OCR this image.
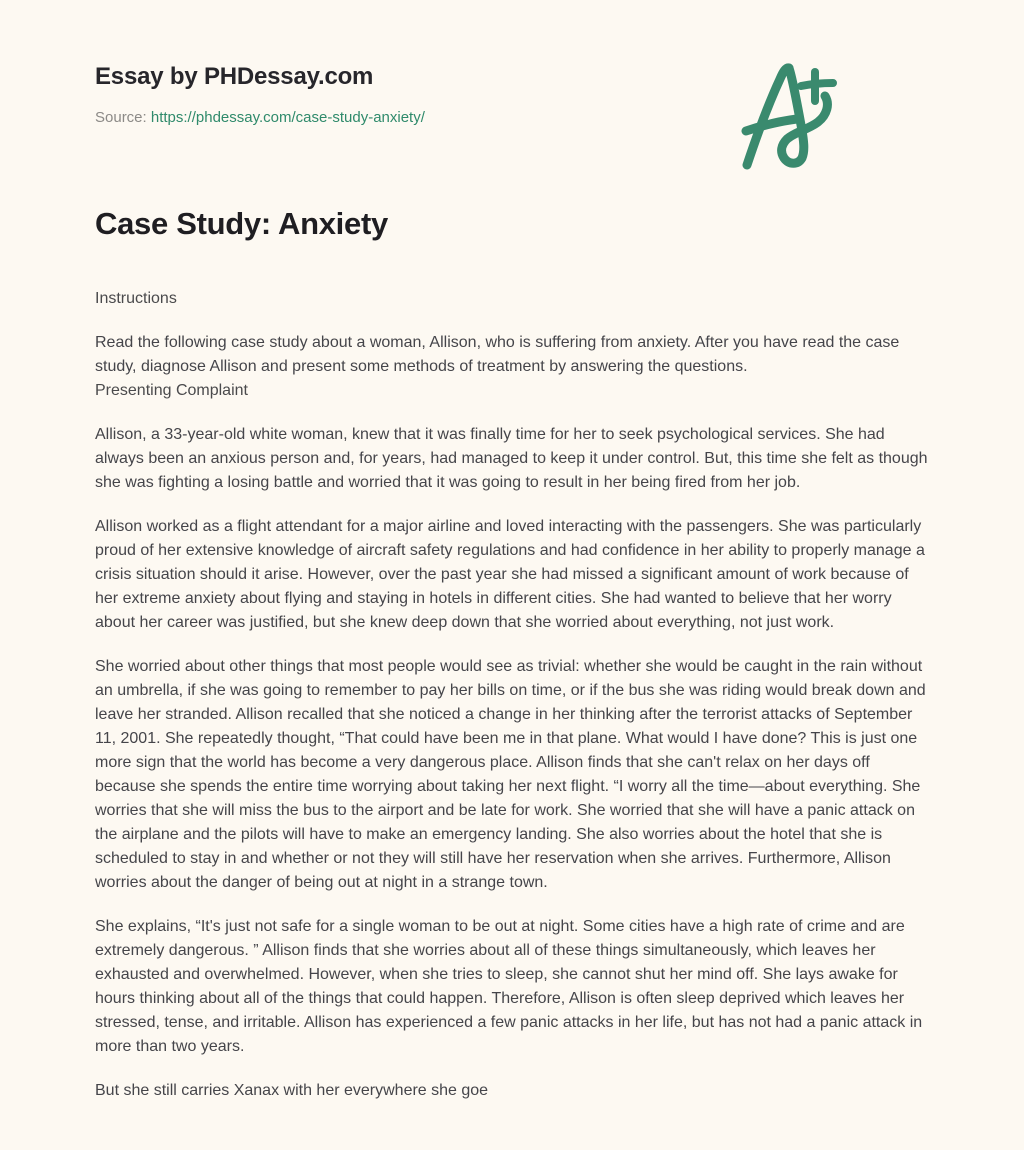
Essay by PHDessay.com
Source: https://phdessay.com/case-study-anxiety/
Case Study: Anxiety
Instructions

Read the following case study about a woman, Allison, who is suffering from anxiety. After you have read the case study, diagnose Allison and present some methods of treatment by answering the questions.

Presenting Complaint

Allison, a 33-year-old white woman, knew that it was finally time for her to seek psychological services. She had always been an anxious person and, for years, had managed to keep it under control. But, this time she felt as though she was fighting a losing battle and worried that it was going to result in her being fired from her job.

Allison worked as a flight attendant for a major airline and loved interacting with the passengers. She was particularly proud of her extensive knowledge of aircraft safety regulations and had confidence in her ability to properly manage a crisis situation should it arise. However, over the past year she had missed a significant amount of work because of her extreme anxiety about flying and staying in hotels in different cities. She had wanted to believe that her worry about her career was justified, but she knew deep down that she worried about everything, not just work.

She worried about other things that most people would see as trivial: whether she would be caught in the rain without an umbrella, if she was going to remember to pay her bills on time, or if the bus she was riding would break down and leave her stranded. Allison recalled that she noticed a change in her thinking after the terrorist attacks of September 11, 2001. She repeatedly thought, “That could have been me in that plane. What would I have done? This is just one more sign that the world has become a very dangerous place. Allison finds that she can't relax on her days off because she spends the entire time worrying about taking her next flight. “I worry all the time—about everything. She worries that she will miss the bus to the airport and be late for work. She worried that she will have a panic attack on the airplane and the pilots will have to make an emergency landing. She also worries about the hotel that she is scheduled to stay in and whether or not they will still have her reservation when she arrives. Furthermore, Allison worries about the danger of being out at night in a strange town.

She explains, “It's just not safe for a single woman to be out at night. Some cities have a high rate of crime and are extremely dangerous. ” Allison finds that she worries about all of these things simultaneously, which leaves her exhausted and overwhelmed. However, when she tries to sleep, she cannot shut her mind off. She lays awake for hours thinking about all of the things that could happen. Therefore, Allison is often sleep deprived which leaves her stressed, tense, and irritable. Allison has experienced a few panic attacks in her life, but has not had a panic attack in more than two years.

But she still carries Xanax with her everywhere she goe
